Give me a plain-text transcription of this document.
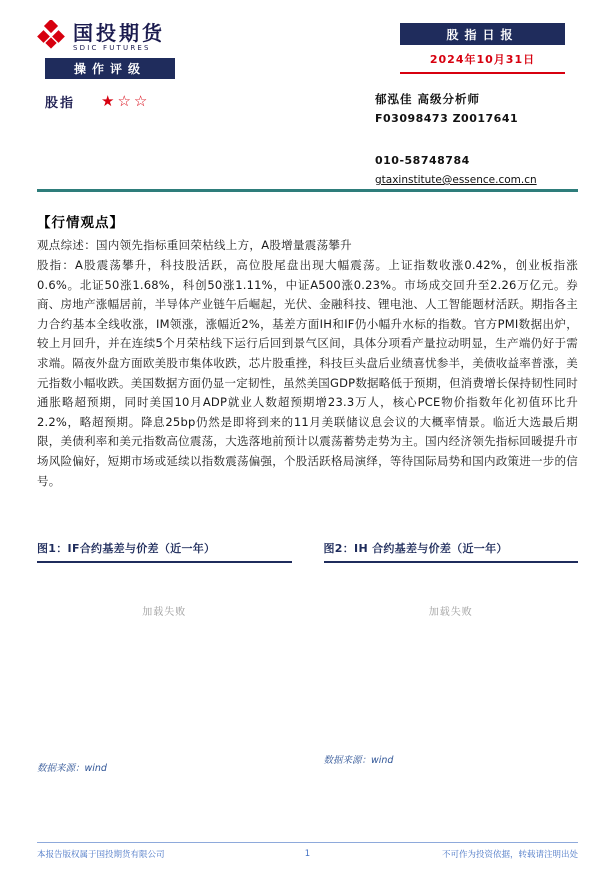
国投期货
SDIC FUTURES
股指日报
2024年10月31日
操作评级
股指 ★☆☆	郁泓佳 高级分析师
F03098473 Z0017641
010-58748784
gtaxinstitute@essence.com.cn
【行情观点】
观点综述：国内领先指标重回荣枯线上方，A股增量震荡攀升
股指：A股震荡攀升，科技股活跃，高位股尾盘出现大幅震荡。上证指数收涨0.42%，创业板指涨0.6%。北证50涨1.68%，科创50涨1.11%，中证A500涨0.23%。市场成交回升至2.26万亿元。券商、房地产涨幅居前，半导体产业链午后崛起，光伏、金融科技、锂电池、人工智能题材活跃。期指各主力合约基本全线收涨，IM领涨，涨幅近2%，基差方面IH和IF仍小幅升水标的指数。官方PMI数据出炉，较上月回升，并在连续5个月荣枯线下运行后回到景气区间，具体分项看产量拉动明显，生产端仍好于需求端。隔夜外盘方面欧美股市集体收跌，芯片股重挫，科技巨头盘后业绩喜忧参半，美债收益率普涨，美元指数小幅收跌。美国数据方面仍显一定韧性，虽然美国GDP数据略低于预期，但消费增长保持韧性同时通胀略超预期，同时美国10月ADP就业人数超预期增23.3万人，核心PCE物价指数年化初值环比升2.2%，略超预期。降息25bp仍然是即将到来的11月美联储议息会议的大概率情景。临近大选最后期限，美债利率和美元指数高位震荡，大选落地前预计以震荡蓄势走势为主。国内经济领先指标回暖提升市场风险偏好，短期市场或延续以指数震荡偏强，个股活跃格局演绎，等待国际局势和国内政策进一步的信号。
图1：IF合约基差与价差（近一年）
加载失败
数据来源：wind
图2：IH 合约基差与价差（近一年）
加载失败
数据来源：wind
本报告版权属于国投期货有限公司	1	不可作为投资依据，转载请注明出处
